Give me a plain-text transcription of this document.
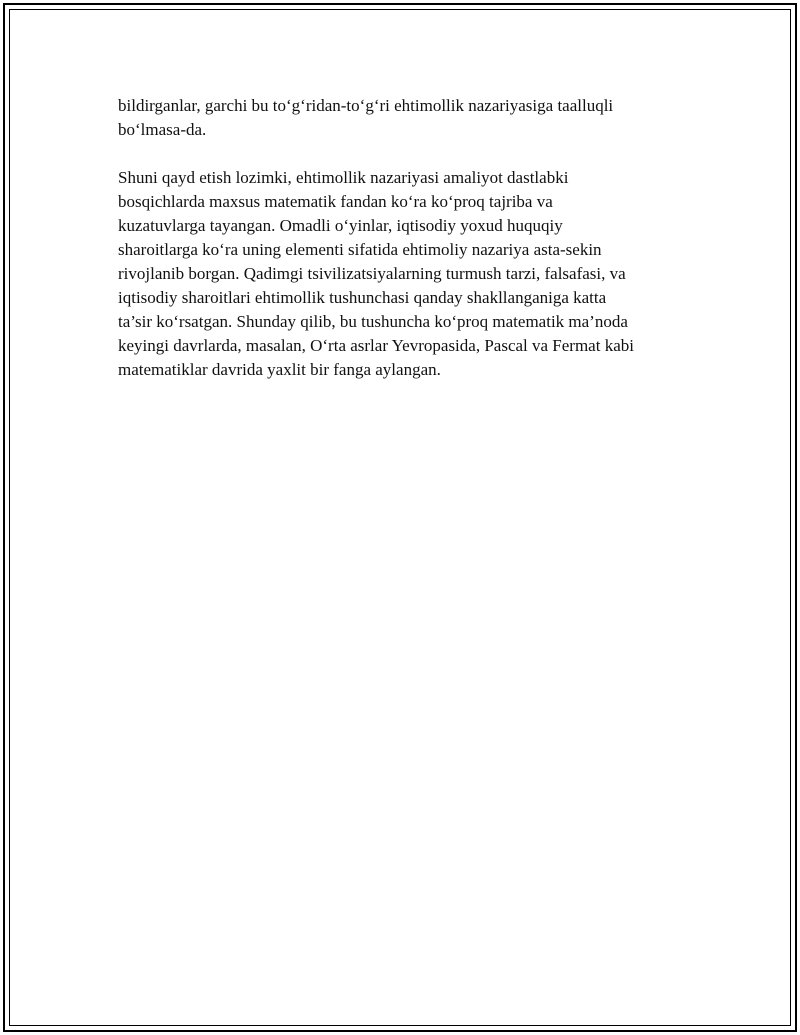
bildirganlar, garchi bu to‘g‘ridan-to‘g‘ri ehtimollik nazariyasiga taalluqli
bo‘lmasa-da.

Shuni qayd etish lozimki, ehtimollik nazariyasi amaliyot dastlabki
bosqichlarda maxsus matematik fandan ko‘ra ko‘proq tajriba va
kuzatuvlarga tayangan. Omadli o‘yinlar, iqtisodiy yoxud huquqiy
sharoitlarga ko‘ra uning elementi sifatida ehtimoliy nazariya asta-sekin
rivojlanib borgan. Qadimgi tsivilizatsiyalarning turmush tarzi, falsafasi, va
iqtisodiy sharoitlari ehtimollik tushunchasi qanday shakllanganiga katta
ta’sir ko‘rsatgan. Shunday qilib, bu tushuncha ko‘proq matematik ma’noda
keyingi davrlarda, masalan, O‘rta asrlar Yevropasida, Pascal va Fermat kabi
matematiklar davrida yaxlit bir fanga aylangan.
